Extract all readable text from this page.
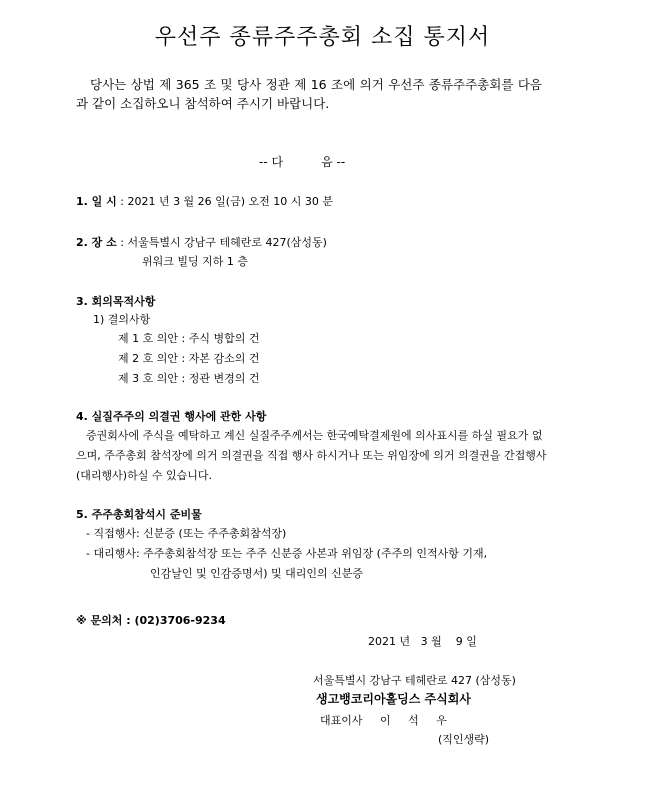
우선주 종류주주총회 소집 통지서
당사는 상법 제 365 조 및 당사 정관 제 16 조에 의거 우선주 종류주주총회를 다음과 같이 소집하오니 참석하여 주시기 바랍니다.
-- 다	음 --
1. 일 시 : 2021 년 3 월 26 일(금) 오전 10 시 30 분
2. 장 소 : 서울특별시 강남구 테헤란로 427(삼성동)
위워크 빌딩 지하 1 층
3. 회의목적사항
1) 결의사항
제 1 호 의안 : 주식 병합의 건
제 2 호 의안 : 자본 감소의 건
제 3 호 의안 : 정관 변경의 건
4. 실질주주의 의결권 행사에 관한 사항
증권회사에 주식을 예탁하고 계신 실질주주께서는 한국예탁결제원에 의사표시를 하실 필요가 없으며, 주주총회 참석장에 의거 의결권을 직접 행사 하시거나 또는 위임장에 의거 의결권을 간접행사(대리행사)하실 수 있습니다.
5. 주주총회참석시 준비물
- 직접행사: 신분증 (또는 주주총회참석장)
- 대리행사: 주주총회참석장 또는 주주 신분증 사본과 위임장 (주주의 인적사항 기재,
인감날인 및 인감증명서) 및 대리인의 신분증
※ 문의처 : (02)3706-9234
2021 년   3 월    9 일
서울특별시 강남구 테헤란로 427 (삼성동)
생고뱅코리아홀딩스 주식회사
대표이사     이     석     우
(직인생략)
